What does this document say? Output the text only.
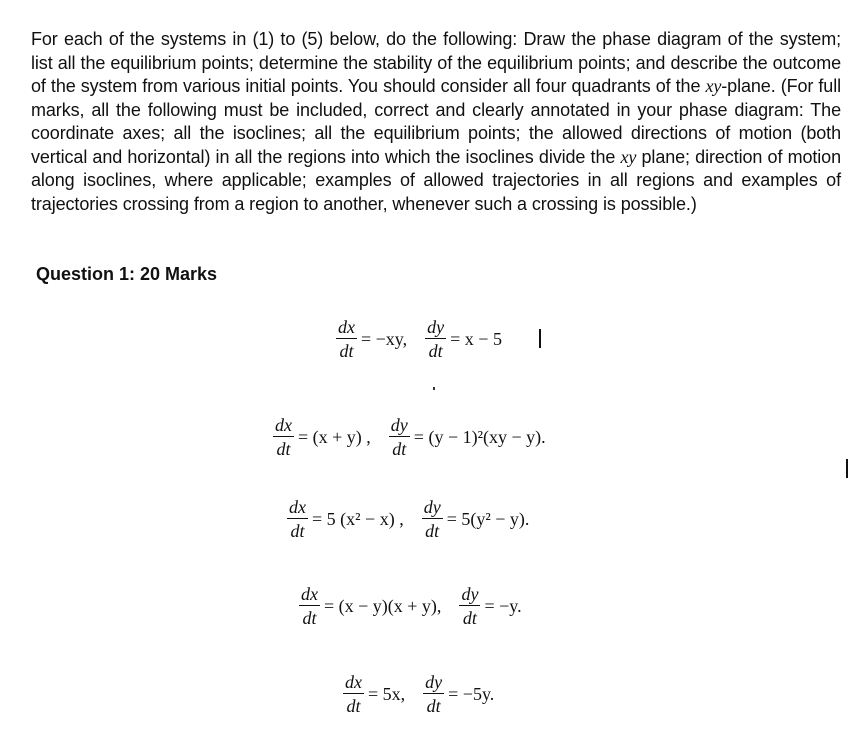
For each of the systems in (1) to (5) below, do the following: Draw the phase diagram of the system; list all the equilibrium points; determine the stability of the equilibrium points; and describe the outcome of the system from various initial points. You should consider all four quadrants of the xy-plane. (For full marks, all the following must be included, correct and clearly annotated in your phase diagram: The coordinate axes; all the isoclines; all the equilibrium points; the allowed directions of motion (both vertical and horizontal) in all the regions into which the isoclines divide the xy plane; direction of motion along isoclines, where applicable; examples of allowed trajectories in all regions and examples of trajectories crossing from a region to another, whenever such a crossing is possible.)

Question 1: 20 Marks
$\frac{dx}{dt} = -xy$, $\frac{dy}{dt} = x - 5$
$\frac{dx}{dt} = (x + y)$ , $\frac{dy}{dt} = (y - 1)^2(xy - y)$.
$\frac{dx}{dt} = 5$ (x² − x) , $\frac{dy}{dt} = 5(y^2 - y)$.
$\frac{dx}{dt} = (x - y)(x + y)$, $\frac{dy}{dt} = -y$.
$\frac{dx}{dt} = 5x$, $\frac{dy}{dt} = -5y$.
